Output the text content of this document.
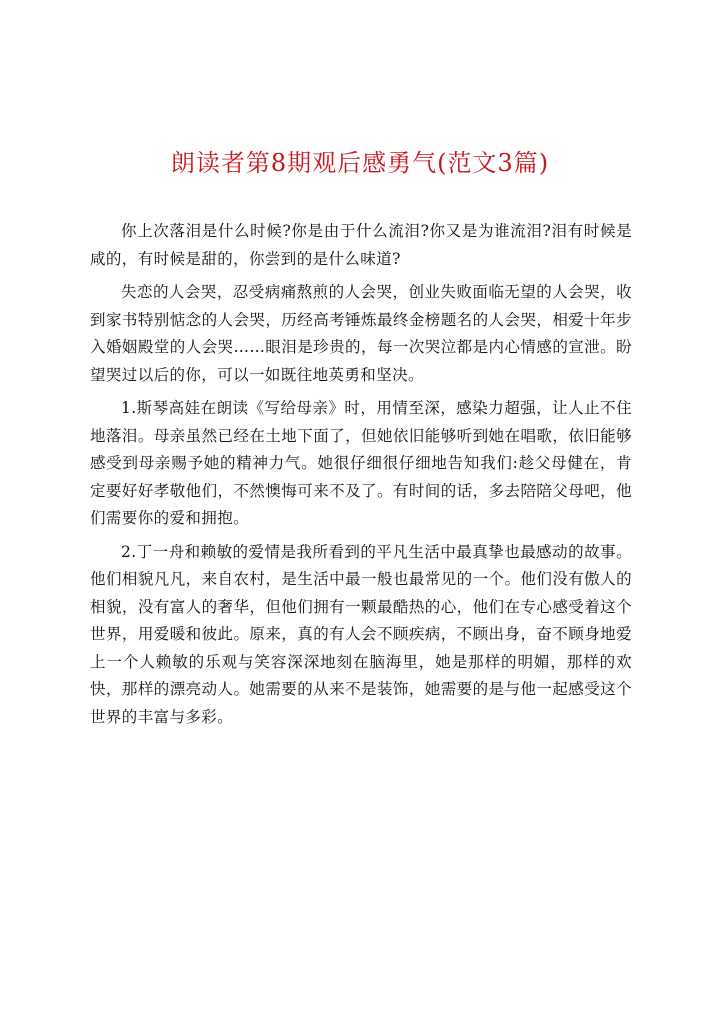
朗读者第8期观后感勇气(范文3篇)

你上次落泪是什么时候?你是由于什么流泪?你又是为谁流泪?泪有时候是咸的，有时候是甜的，你尝到的是什么味道?

失恋的人会哭，忍受病痛熬煎的人会哭，创业失败面临无望的人会哭，收到家书特别惦念的人会哭，历经高考锤炼最终金榜题名的人会哭，相爱十年步入婚姻殿堂的人会哭……眼泪是珍贵的，每一次哭泣都是内心情感的宣泄。盼望哭过以后的你，可以一如既往地英勇和坚决。

1.斯琴高娃在朗读《写给母亲》时，用情至深，感染力超强，让人止不住地落泪。母亲虽然已经在土地下面了，但她依旧能够听到她在唱歌，依旧能够感受到母亲赐予她的精神力气。她很仔细很仔细地告知我们:趁父母健在，肯定要好好孝敬他们，不然懊悔可来不及了。有时间的话，多去陪陪父母吧，他们需要你的爱和拥抱。

2.丁一舟和赖敏的爱情是我所看到的平凡生活中最真挚也最感动的故事。他们相貌凡凡，来自农村，是生活中最一般也最常见的一个。他们没有傲人的相貌，没有富人的奢华，但他们拥有一颗最酷热的心，他们在专心感受着这个世界，用爱暖和彼此。原来，真的有人会不顾疾病，不顾出身，奋不顾身地爱上一个人赖敏的乐观与笑容深深地刻在脑海里，她是那样的明媚，那样的欢快，那样的漂亮动人。她需要的从来不是装饰，她需要的是与他一起感受这个世界的丰富与多彩。
